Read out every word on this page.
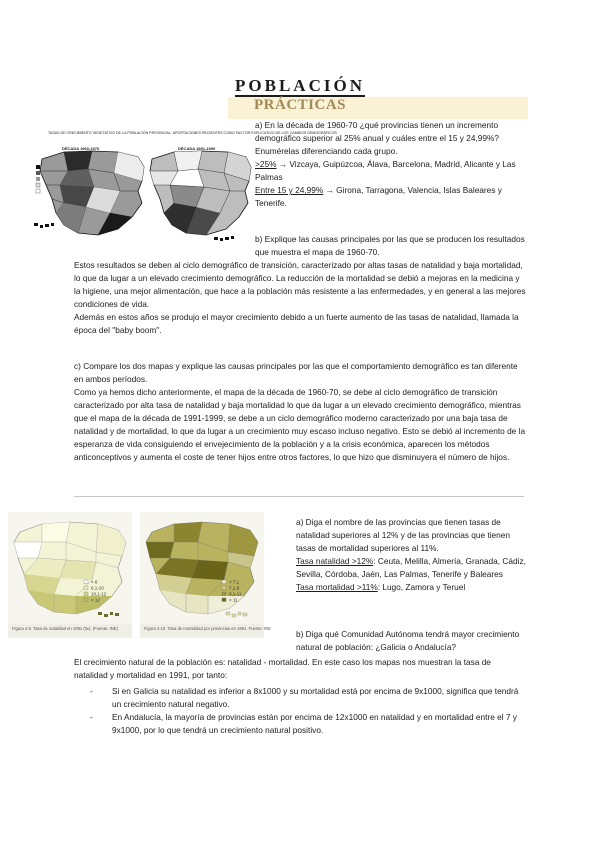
POBLACIÓN
PRÁCTICAS
TASAS DE CRECIMIENTO VEGETATIVO DE LA POBLACIÓN PROVINCIAL. APORTACIONES RECIENTES COMO FACTOR EXPLICATIVO DE LOS CAMBIOS DEMOGRÁFICOS
DÉCADA 1960-1970	DÉCADA 1991-1999

a) En la década de 1960-70 ¿qué provincias tienen un incremento demográfico superior al 25% anual y cuáles entre el 15 y 24,99%? Enumérelas diferenciando cada grupo.

>25% → Vizcaya, Guipúzcoa, Álava, Barcelona, Madrid, Alicante y Las Palmas

Entre 15 y 24,99% → Girona, Tarragona, Valencia, Islas Baleares y Tenerife.

b) Explique las causas principales por las que se producen los resultados que muestra el mapa de 1960-70.

Estos resultados se deben al ciclo demográfico de transición, caracterizado por altas tasas de natalidad y baja mortalidad, lo que da lugar a un elevado crecimiento demográfico. La reducción de la mortalidad se debió a mejoras en la medicina y la higiene, una mejor alimentación, que hace a la población más resistente a las enfermedades, y en general a las mejores condiciones de vida.

Además en estos años se produjo el mayor crecimiento debido a un fuerte aumento de las tasas de natalidad, llamada la época del "baby boom".

c) Compare los dos mapas y explique las causas principales por las que el comportamiento demográfico es tan diferente en ambos períodos.

Como ya hemos dicho anteriormente, el mapa de la década de 1960-70, se debe al ciclo demográfico de transición caracterizado por alta tasa de natalidad y baja mortalidad lo que da lugar a un elevado crecimiento demográfico, mientras que el mapa de la década de 1991-1999, se debe a un ciclo demográfico moderno caracterizado por una baja tasa de natalidad y de mortalidad, lo que da lugar a un crecimiento muy escaso incluso negativo. Esto se debió al incremento de la esperanza de vida consiguiendo el envejecimiento de la población y a la crisis económica, aparecen los métodos anticonceptivos y aumenta el coste de tener hijos entre otros factores, lo que hizo que disminuyera el número de hijos.

> 6
6,1-10
10,1-12
> 12
Figura 4.9. Tasa de natalidad en 1991 (‰). (Fuente: INE)
< 7,1
7,1-9
9,1-11
> 11
Figura 4.10. Tasa de mortalidad por provincias en 1991. Fuente: INE

a) Diga el nombre de las provincias que tienen tasas de natalidad superiores al 12% y de las provincias que tienen tasas de mortalidad superiores al 11%.

Tasa natalidad >12%: Ceuta, Melilla, Almería, Granada, Cádiz, Sevilla, Córdoba, Jaén, Las Palmas, Tenerife y Baleares

Tasa mortalidad >11%: Lugo, Zamora y Teruel

b) Diga qué Comunidad Autónoma tendrá mayor crecimiento natural de población: ¿Galicia o Andalucía?
El crecimiento natural de la población es: natalidad - mortalidad. En este caso los mapas nos muestran la tasa de natalidad y mortalidad en 1991, por tanto:
- Si en Galicia su natalidad es inferior a 8x1000 y su mortalidad está por encima de 9x1000, significa que tendrá un crecimiento natural negativo.
- En Andalucía, la mayoría de provincias están por encima de 12x1000 en natalidad y en mortalidad entre el 7 y 9x1000, por lo que tendrá un crecimiento natural positivo.
